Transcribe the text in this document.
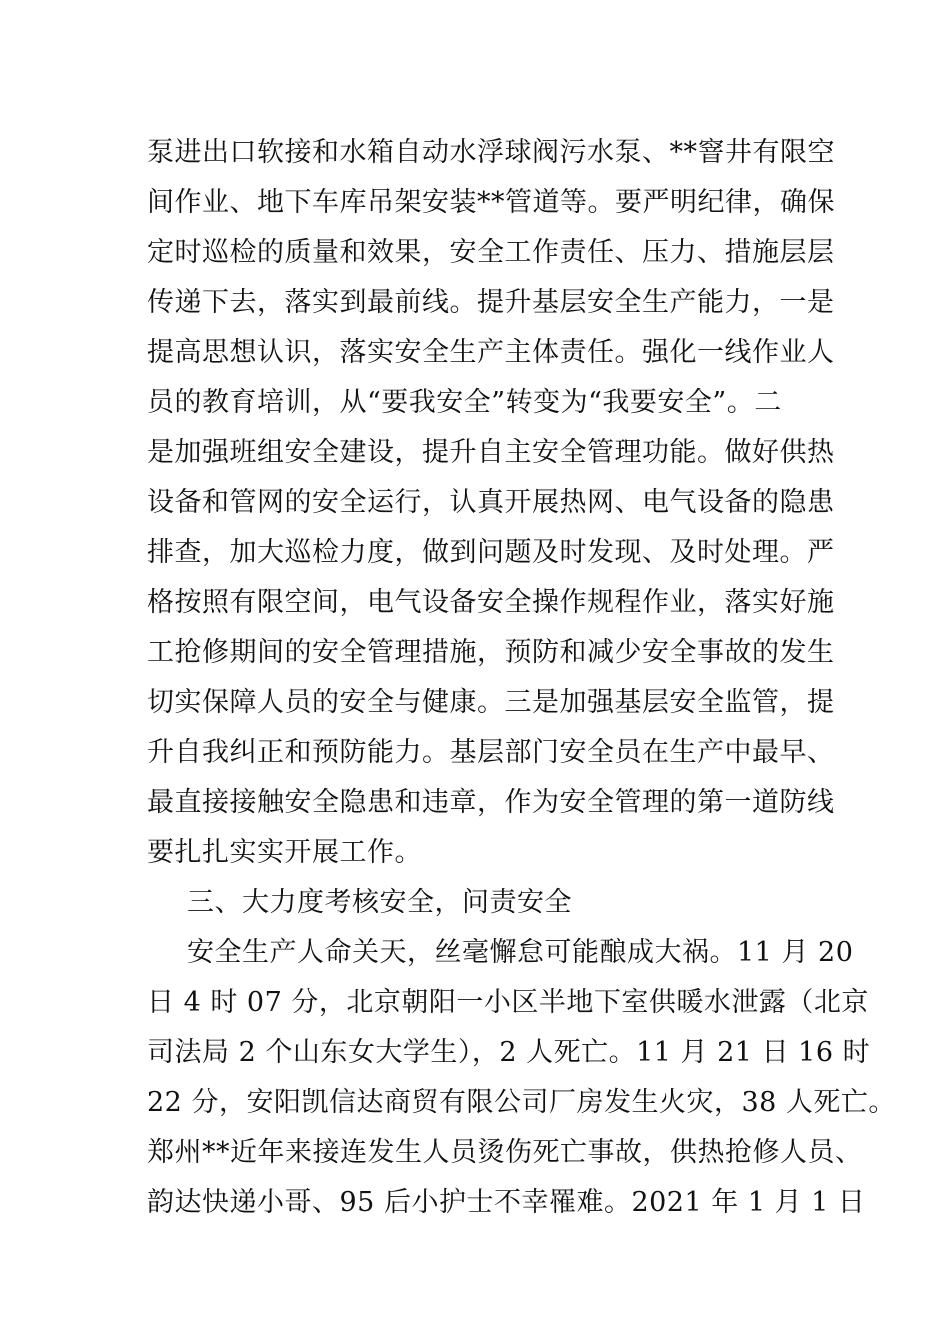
泵进出口软接和水箱自动水浮球阀污水泵、**窨井有限空
间作业、地下车库吊架安装**管道等。要严明纪律，确保
定时巡检的质量和效果，安全工作责任、压力、措施层层
传递下去，落实到最前线。提升基层安全生产能力，一是
提高思想认识，落实安全生产主体责任。强化一线作业人
员的教育培训，从“要我安全”转变为“我要安全”。二
是加强班组安全建设，提升自主安全管理功能。做好供热
设备和管网的安全运行，认真开展热网、电气设备的隐患
排查，加大巡检力度，做到问题及时发现、及时处理。严
格按照有限空间，电气设备安全操作规程作业，落实好施
工抢修期间的安全管理措施，预防和减少安全事故的发生
切实保障人员的安全与健康。三是加强基层安全监管，提
升自我纠正和预防能力。基层部门安全员在生产中最早、
最直接接触安全隐患和违章，作为安全管理的第一道防线
要扎扎实实开展工作。
三、大力度考核安全，问责安全
安全生产人命关天，丝毫懈怠可能酿成大祸。11 月 20
日 4 时 07 分，北京朝阳一小区半地下室供暖水泄露（北京
司法局 2 个山东女大学生），2 人死亡。11 月 21 日 16 时
22 分，安阳凯信达商贸有限公司厂房发生火灾，38 人死亡。
郑州**近年来接连发生人员烫伤死亡事故，供热抢修人员、
韵达快递小哥、95 后小护士不幸罹难。2021 年 1 月 1 日
